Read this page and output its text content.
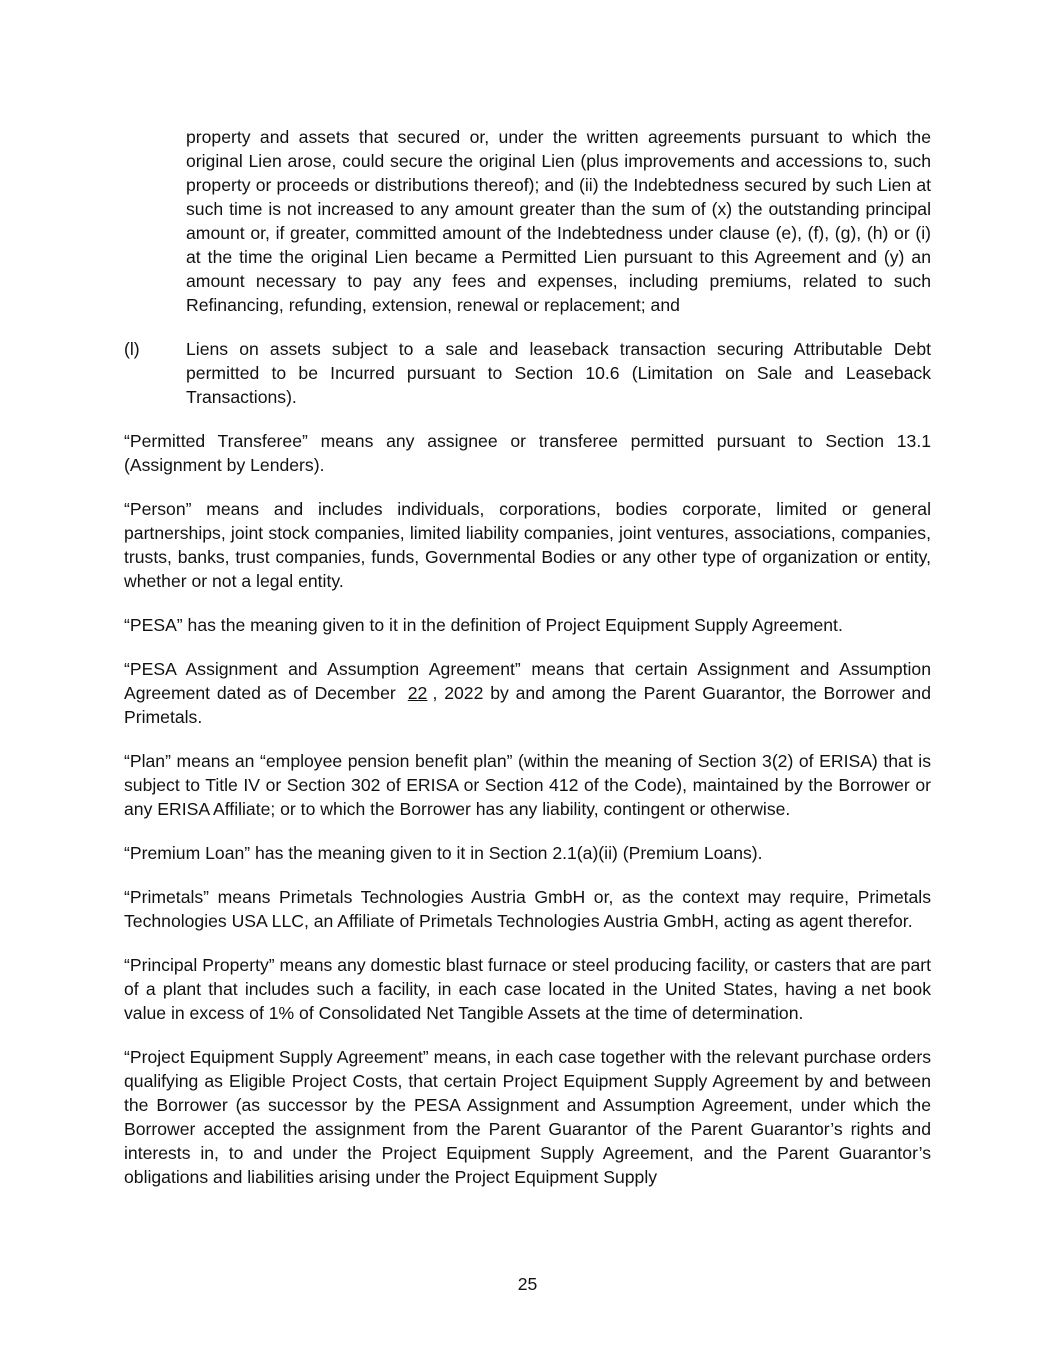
property and assets that secured or, under the written agreements pursuant to which the original Lien arose, could secure the original Lien (plus improvements and accessions to, such property or proceeds or distributions thereof); and (ii) the Indebtedness secured by such Lien at such time is not increased to any amount greater than the sum of (x) the outstanding principal amount or, if greater, committed amount of the Indebtedness under clause (e), (f), (g), (h) or (i) at the time the original Lien became a Permitted Lien pursuant to this Agreement and (y) an amount necessary to pay any fees and expenses, including premiums, related to such Refinancing, refunding, extension, renewal or replacement; and

(l)	Liens on assets subject to a sale and leaseback transaction securing Attributable Debt permitted to be Incurred pursuant to Section 10.6 (Limitation on Sale and Leaseback Transactions).

“Permitted Transferee” means any assignee or transferee permitted pursuant to Section 13.1 (Assignment by Lenders).

“Person” means and includes individuals, corporations, bodies corporate, limited or general partnerships, joint stock companies, limited liability companies, joint ventures, associations, companies, trusts, banks, trust companies, funds, Governmental Bodies or any other type of organization or entity, whether or not a legal entity.

“PESA” has the meaning given to it in the definition of Project Equipment Supply Agreement.

“PESA Assignment and Assumption Agreement” means that certain Assignment and Assumption Agreement dated as of December 22 , 2022 by and among the Parent Guarantor, the Borrower and Primetals.

“Plan” means an “employee pension benefit plan” (within the meaning of Section 3(2) of ERISA) that is subject to Title IV or Section 302 of ERISA or Section 412 of the Code), maintained by the Borrower or any ERISA Affiliate; or to which the Borrower has any liability, contingent or otherwise.

“Premium Loan” has the meaning given to it in Section 2.1(a)(ii) (Premium Loans).

“Primetals” means Primetals Technologies Austria GmbH or, as the context may require, Primetals Technologies USA LLC, an Affiliate of Primetals Technologies Austria GmbH, acting as agent therefor.

“Principal Property” means any domestic blast furnace or steel producing facility, or casters that are part of a plant that includes such a facility, in each case located in the United States, having a net book value in excess of 1% of Consolidated Net Tangible Assets at the time of determination.

“Project Equipment Supply Agreement” means, in each case together with the relevant purchase orders qualifying as Eligible Project Costs, that certain Project Equipment Supply Agreement by and between the Borrower (as successor by the PESA Assignment and Assumption Agreement, under which the Borrower accepted the assignment from the Parent Guarantor of the Parent Guarantor’s rights and interests in, to and under the Project Equipment Supply Agreement, and the Parent Guarantor’s obligations and liabilities arising under the Project Equipment Supply

25
